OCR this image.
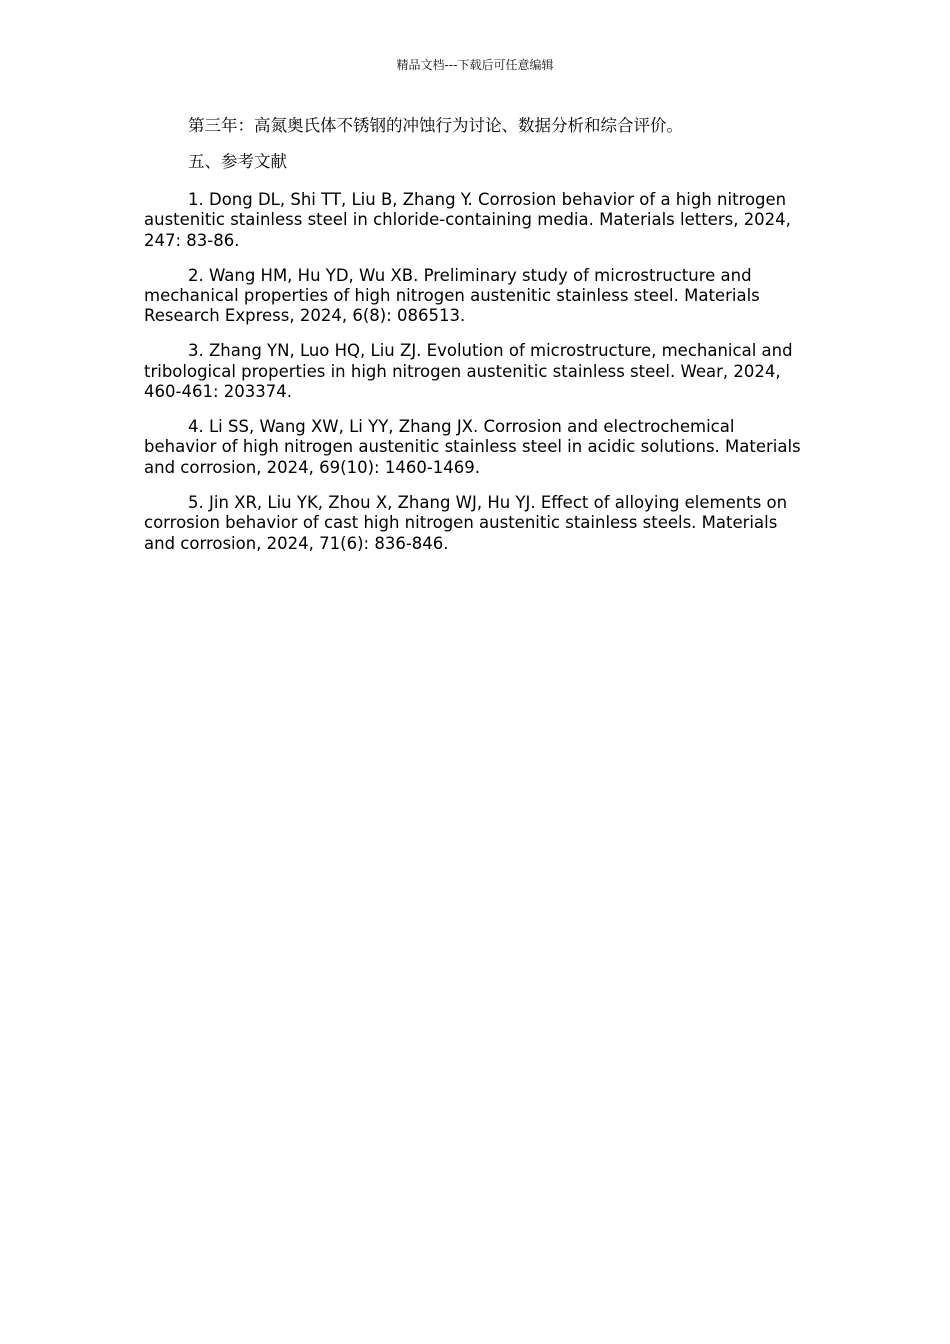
精品文档---下载后可任意编辑

第三年：高氮奥氏体不锈钢的冲蚀行为讨论、数据分析和综合评价。

五、参考文献

1. Dong DL, Shi TT, Liu B, Zhang Y. Corrosion behavior of a high nitrogen austenitic stainless steel in chloride-containing media. Materials letters, 2024, 247: 83-86.

2. Wang HM, Hu YD, Wu XB. Preliminary study of microstructure and mechanical properties of high nitrogen austenitic stainless steel. Materials Research Express, 2024, 6(8): 086513.

3. Zhang YN, Luo HQ, Liu ZJ. Evolution of microstructure, mechanical and tribological properties in high nitrogen austenitic stainless steel. Wear, 2024, 460-461: 203374.

4. Li SS, Wang XW, Li YY, Zhang JX. Corrosion and electrochemical behavior of high nitrogen austenitic stainless steel in acidic solutions. Materials and corrosion, 2024, 69(10): 1460-1469.

5. Jin XR, Liu YK, Zhou X, Zhang WJ, Hu YJ. Effect of alloying elements on corrosion behavior of cast high nitrogen austenitic stainless steels. Materials and corrosion, 2024, 71(6): 836-846.
